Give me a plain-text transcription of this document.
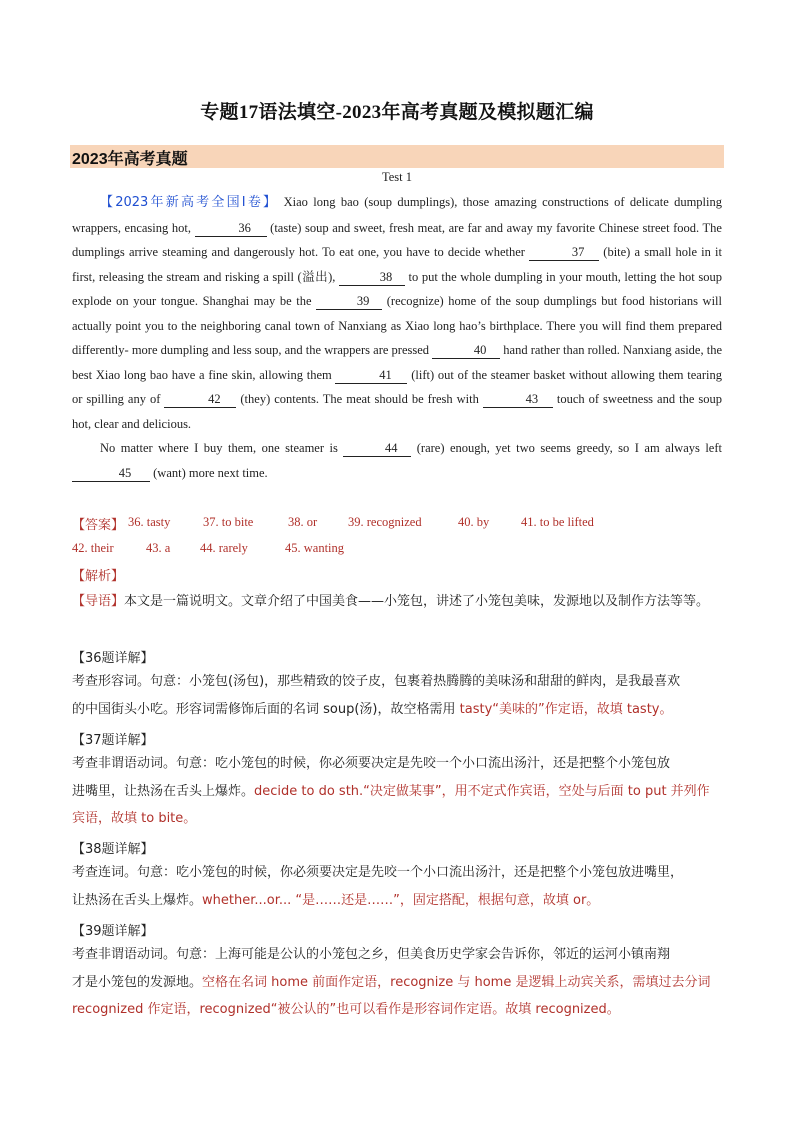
专题17语法填空-2023年高考真题及模拟题汇编
2023年高考真题
Test 1

【2023年新高考全国Ⅰ卷】 Xiao long bao (soup dumplings), those amazing constructions of delicate dumpling wrappers, encasing hot,	36 (taste) soup and sweet, fresh meat, are far and away my favorite Chinese street food. The dumplings arrive steaming and dangerously hot. To eat one, you have to decide whether	37 (bite) a small hole in it first, releasing the stream and risking a spill (溢出),	38 to put the whole dumpling in your mouth, letting the hot soup explode on your tongue. Shanghai may be the	39 (recognize) home of the soup dumplings but food historians will actually point you to the neighboring canal town of Nanxiang as Xiao long hao’s birthplace. There you will find them prepared differently- more dumpling and less soup, and the wrappers are pressed	40 hand rather than rolled. Nanxiang aside, the best Xiao long bao have a fine skin, allowing them	41 (lift) out of the steamer basket without allowing them tearing or spilling any of	42 (they) contents. The meat should be fresh with	43 touch of sweetness and the soup hot, clear and delicious.

No matter where I buy them, one steamer is	44 (rare) enough, yet two seems greedy, so I am always left 45 (want) more next time.

【答案】 36. tasty	37. to bite	38. or 39. recognized	40. by	41. to be lifted
42. their	43. a 44. rarely	45. wanting
【解析】
【导语】本文是一篇说明文。文章介绍了中国美食——小笼包，讲述了小笼包美味，发源地以及制作方法等等。
【36题详解】
考查形容词。句意：小笼包(汤包)，那些精致的饺子皮，包裹着热腾腾的美味汤和甜甜的鲜肉，是我最喜欢
的中国街头小吃。形容词需修饰后面的名词 soup(汤)，故空格需用 tasty“美味的”作定语，故填 tasty。
【37题详解】
考查非谓语动词。句意：吃小笼包的时候，你必须要决定是先咬一个小口流出汤汁，还是把整个小笼包放
进嘴里，让热汤在舌头上爆炸。decide to do sth.“决定做某事”，用不定式作宾语，空处与后面 to put 并列作
宾语，故填 to bite。
【38题详解】
考查连词。句意：吃小笼包的时候，你必须要决定是先咬一个小口流出汤汁，还是把整个小笼包放进嘴里，
让热汤在舌头上爆炸。whether...or... “是……还是……”，固定搭配，根据句意，故填 or。
【39题详解】
考查非谓语动词。句意：上海可能是公认的小笼包之乡，但美食历史学家会告诉你，邻近的运河小镇南翔
才是小笼包的发源地。空格在名词 home 前面作定语，recognize 与 home 是逻辑上动宾关系，需填过去分词
recognized 作定语，recognized“被公认的”也可以看作是形容词作定语。故填 recognized。
